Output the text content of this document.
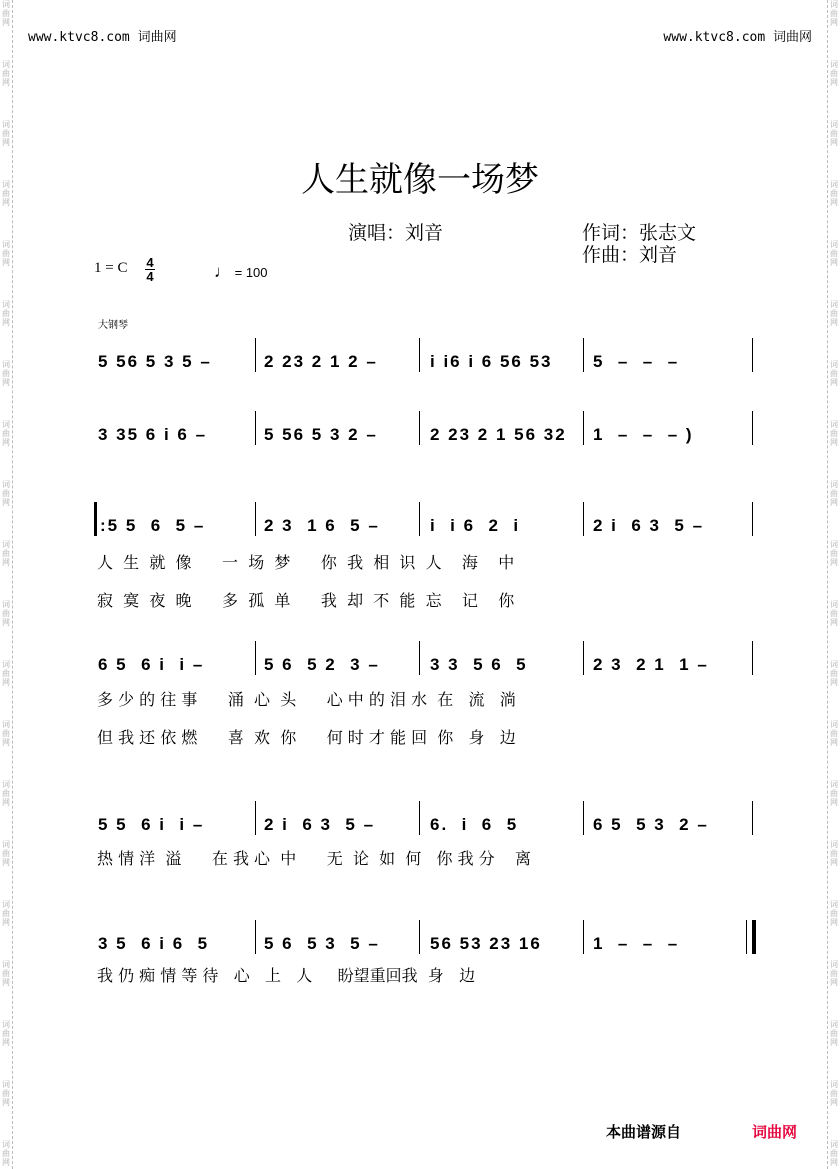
词
曲
网
词
曲
网
词
曲
网
词
曲
网
词
曲
网
词
曲
网
词
曲
网
词
曲
网
词
曲
网
词
曲
网
词
曲
网
词
曲
网
词
曲
网
词
曲
网
词
曲
网
词
曲
网
词
曲
网
词
曲
网
词
曲
网
词
曲
网
词
曲
网
词
曲
网
词
曲
网
词
曲
网
词
曲
网
词
曲
网
词
曲
网
词
曲
网
词
曲
网
词
曲
网
词
曲
网
词
曲
网
词
曲
网
词
曲
网
词
曲
网
词
曲
网
词
曲
网
词
曲
网
词
曲
网
词
曲
网
www.ktvc8.com 词曲网	www.ktvc8.com 词曲网
人生就像一场梦
演唱：刘音	作词：张志文
作曲：刘音
1 = C 4
4	♩ = 100
大钢琴
5 56 5 3 5 –	2 23 2 1 2 –	i i6 i 6 56 53 5  –  –  –
3 35 6 i 6 –	5 56 5 3 2 –	2 23 2 1 56 32 1  –  –  – )
:5 5  6  5 –	2 3  1 6  5 –	i  i 6  2  i	2 i  6 3  5 –
人  生  就  像      一  场  梦      你  我  相  识  人    海    中
寂  寞  夜  晚      多  孤  单      我  却  不  能  忘    记    你
6 5  6 i  i –	5 6  5 2  3 –	3 3  5 6  5	2 3  2 1  1 –
多 少 的 往 事      涌  心  头      心 中 的 泪 水  在   流   淌
但 我 还 依 燃      喜  欢  你      何 时 才 能 回  你   身   边
5 5  6 i  i –	2 i  6 3  5 –	6.  i  6  5	6 5  5 3  2 –
热 情 洋  溢      在 我 心  中      无  论  如  何   你 我 分    离
3 5  6 i 6  5	5 6  5 3  5 –	56 53 23 16	1  –  –  –
我 仍 痴 情 等 待   心   上   人     盼望重回我  身   边
本曲谱源自	词曲网
